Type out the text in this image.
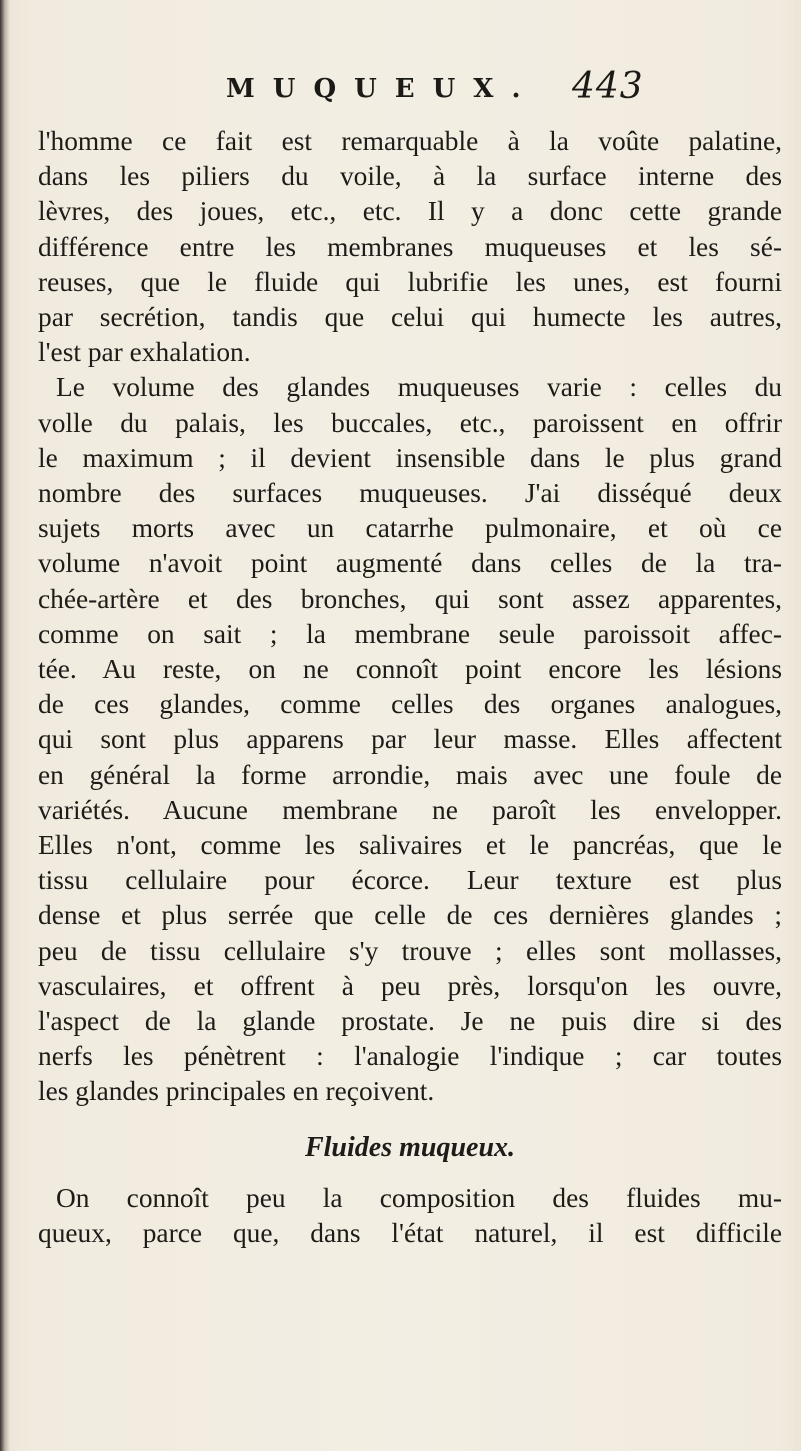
MUQUEUX. 443
l'homme ce fait est remarquable à la voûte palatine,
dans les piliers du voile, à la surface interne des
lèvres, des joues, etc., etc. Il y a donc cette grande
différence entre les membranes muqueuses et les sé-
reuses, que le fluide qui lubrifie les unes, est fourni
par secrétion, tandis que celui qui humecte les autres,
l'est par exhalation.
Le volume des glandes muqueuses varie : celles du
volle du palais, les buccales, etc., paroissent en offrir
le maximum ; il devient insensible dans le plus grand
nombre des surfaces muqueuses. J'ai disséqué deux
sujets morts avec un catarrhe pulmonaire, et où ce
volume n'avoit point augmenté dans celles de la tra-
chée-artère et des bronches, qui sont assez apparentes,
comme on sait ; la membrane seule paroissoit affec-
tée. Au reste, on ne connoît point encore les lésions
de ces glandes, comme celles des organes analogues,
qui sont plus apparens par leur masse. Elles affectent
en général la forme arrondie, mais avec une foule de
variétés. Aucune membrane ne paroît les envelopper.
Elles n'ont, comme les salivaires et le pancréas, que le
tissu cellulaire pour écorce. Leur texture est plus
dense et plus serrée que celle de ces dernières glandes ;
peu de tissu cellulaire s'y trouve ; elles sont mollasses,
vasculaires, et offrent à peu près, lorsqu'on les ouvre,
l'aspect de la glande prostate. Je ne puis dire si des
nerfs les pénètrent : l'analogie l'indique ; car toutes
les glandes principales en reçoivent.
Fluides muqueux.
On connoît peu la composition des fluides mu-
queux, parce que, dans l'état naturel, il est difficile
